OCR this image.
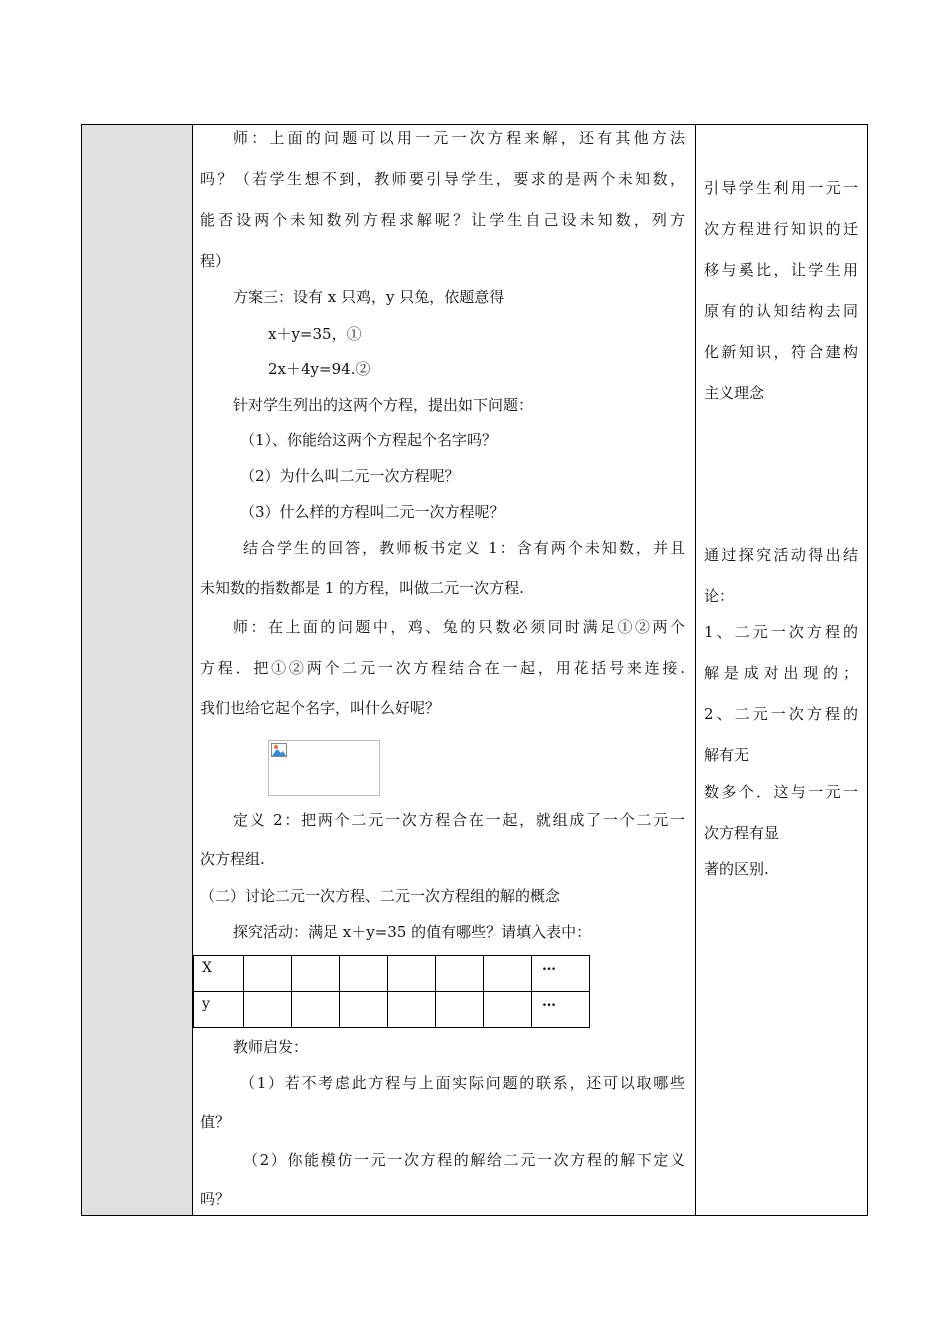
师：上面的问题可以用一元一次方程来解，还有其他方法
吗？（若学生想不到，教师要引导学生，要求的是两个未知数，
能否设两个未知数列方程求解呢？让学生自己设未知数，列方
程）
方案三：设有 x 只鸡，y 只兔，依题意得
x＋y=35，①
2x＋4y=94.②
针对学生列出的这两个方程，提出如下问题：
（1）、你能给这两个方程起个名字吗？
（2）为什么叫二元一次方程呢？
（3）什么样的方程叫二元一次方程呢？
结合学生的回答，教师板书定义 1：含有两个未知数，并且
未知数的指数都是 1 的方程，叫做二元一次方程.
师：在上面的问题中，鸡、兔的只数必须同时满足①②两个
方程．把①②两个二元一次方程结合在一起，用花括号来连接.
我们也给它起个名字，叫什么好呢？
定义 2：把两个二元一次方程合在一起，就组成了一个二元一
次方程组.
（二）讨论二元一次方程、二元一次方程组的解的概念
探究活动：满足 x＋y=35 的值有哪些？请填入表中：
X							…
y							…
教师启发：
（1）若不考虑此方程与上面实际问题的联系，还可以取哪些
值？
（2）你能模仿一元一次方程的解给二元一次方程的解下定义
吗？
引导学生利用一元一
次方程进行知识的迁
移与奚比，让学生用
原有的认知结构去同
化新知识，符合建构
主义理念
通过探究活动得出结
论：
1、二元一次方程的
解是成对出现的；
2、二元一次方程的
解有无
数多个．这与一元一
次方程有显
著的区别.
